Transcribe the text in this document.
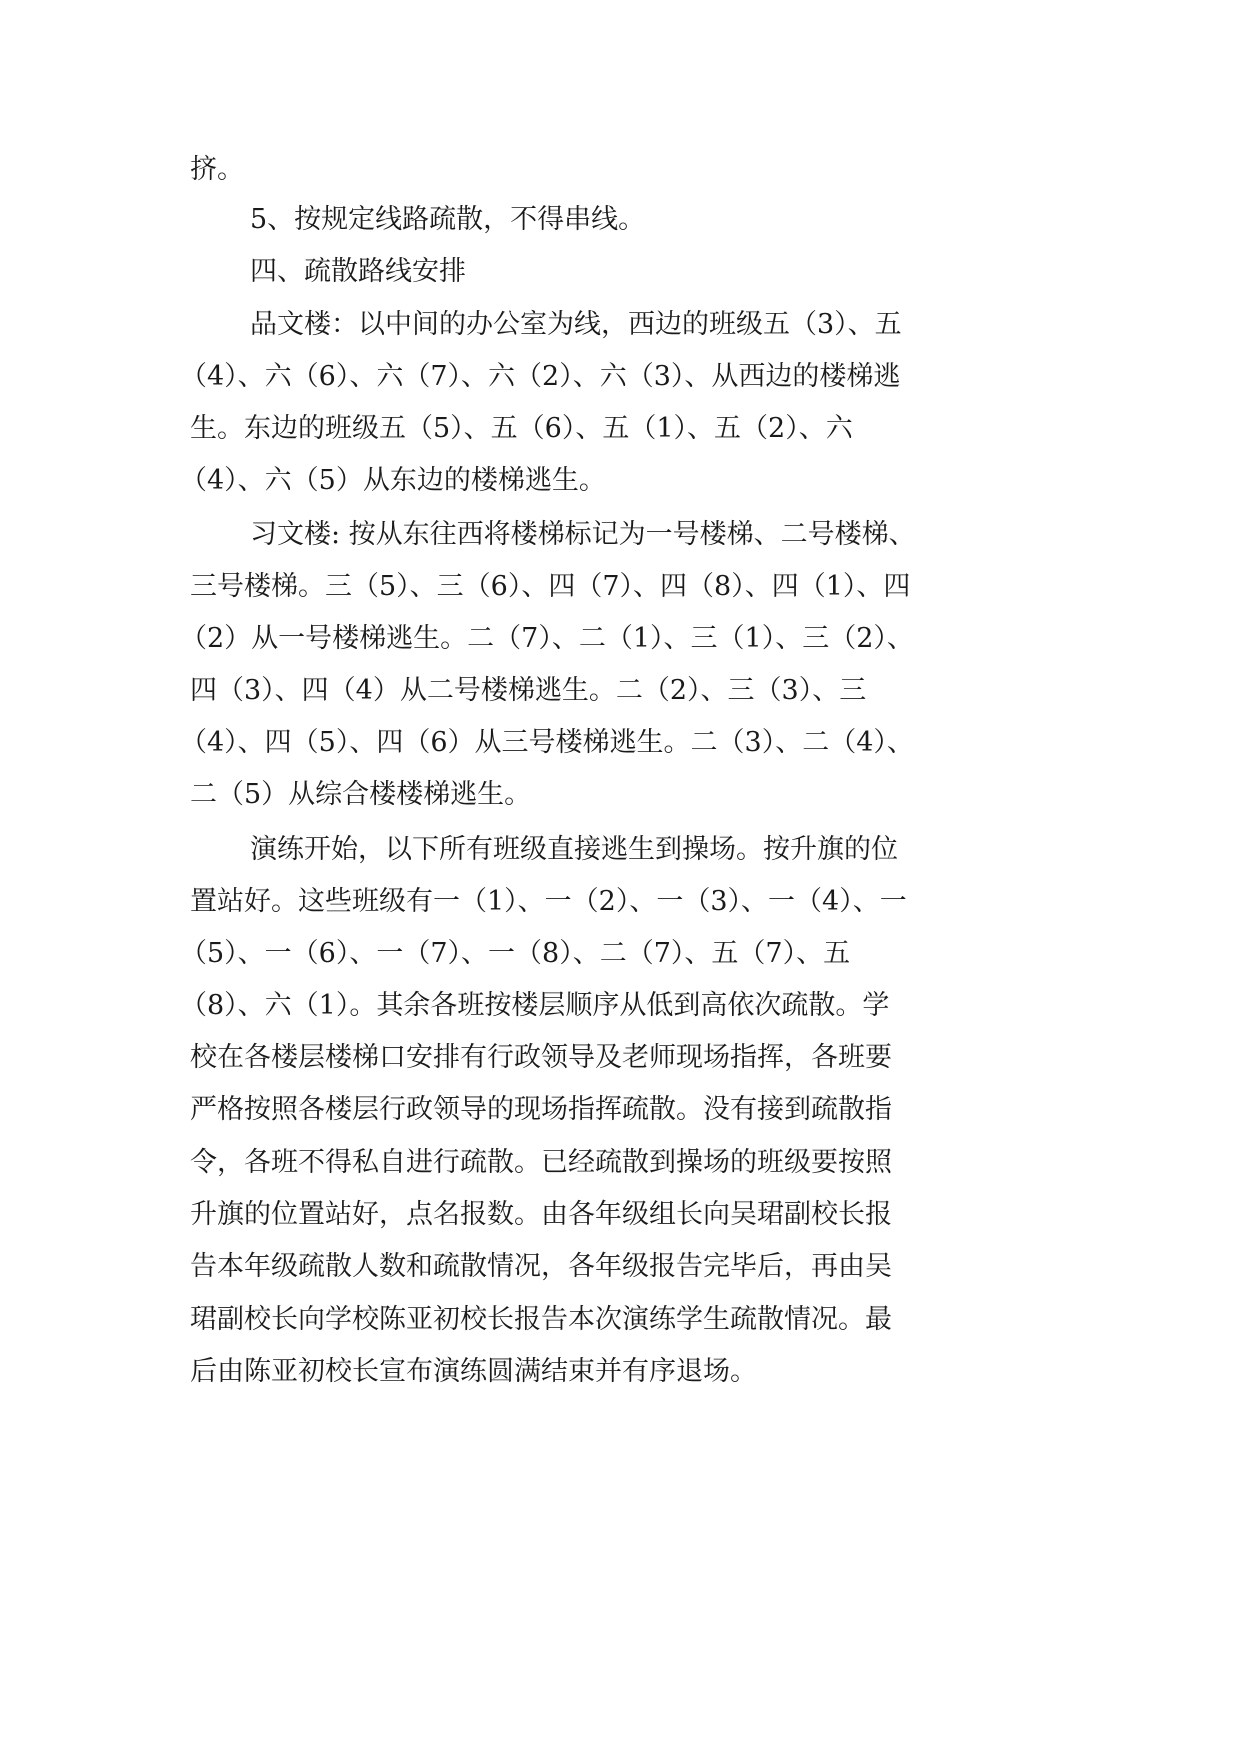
挤。
5、按规定线路疏散，不得串线。
四、疏散路线安排
品文楼：以中间的办公室为线，西边的班级五（3）、五
（4）、六（6）、六（7）、六（2）、六（3）、从西边的楼梯逃
生。东边的班级五（5）、五（6）、五（1）、五（2）、六
（4）、六（5）从东边的楼梯逃生。
习文楼: 按从东往西将楼梯标记为一号楼梯、二号楼梯、
三号楼梯。三（5）、三（6）、四（7）、四（8）、四（1）、四
（2）从一号楼梯逃生。二（7）、二（1）、三（1）、三（2）、
四（3）、四（4）从二号楼梯逃生。二（2）、三（3）、三
（4）、四（5）、四（6）从三号楼梯逃生。二（3）、二（4）、
二（5）从综合楼楼梯逃生。
演练开始，以下所有班级直接逃生到操场。按升旗的位
置站好。这些班级有一（1）、一（2）、一（3）、一（4）、一
（5）、一（6）、一（7）、一（8）、二（7）、五（7）、五
（8）、六（1）。其余各班按楼层顺序从低到高依次疏散。学
校在各楼层楼梯口安排有行政领导及老师现场指挥，各班要
严格按照各楼层行政领导的现场指挥疏散。没有接到疏散指
令，各班不得私自进行疏散。已经疏散到操场的班级要按照
升旗的位置站好，点名报数。由各年级组长向吴珺副校长报
告本年级疏散人数和疏散情况，各年级报告完毕后，再由吴
珺副校长向学校陈亚初校长报告本次演练学生疏散情况。最
后由陈亚初校长宣布演练圆满结束并有序退场。
